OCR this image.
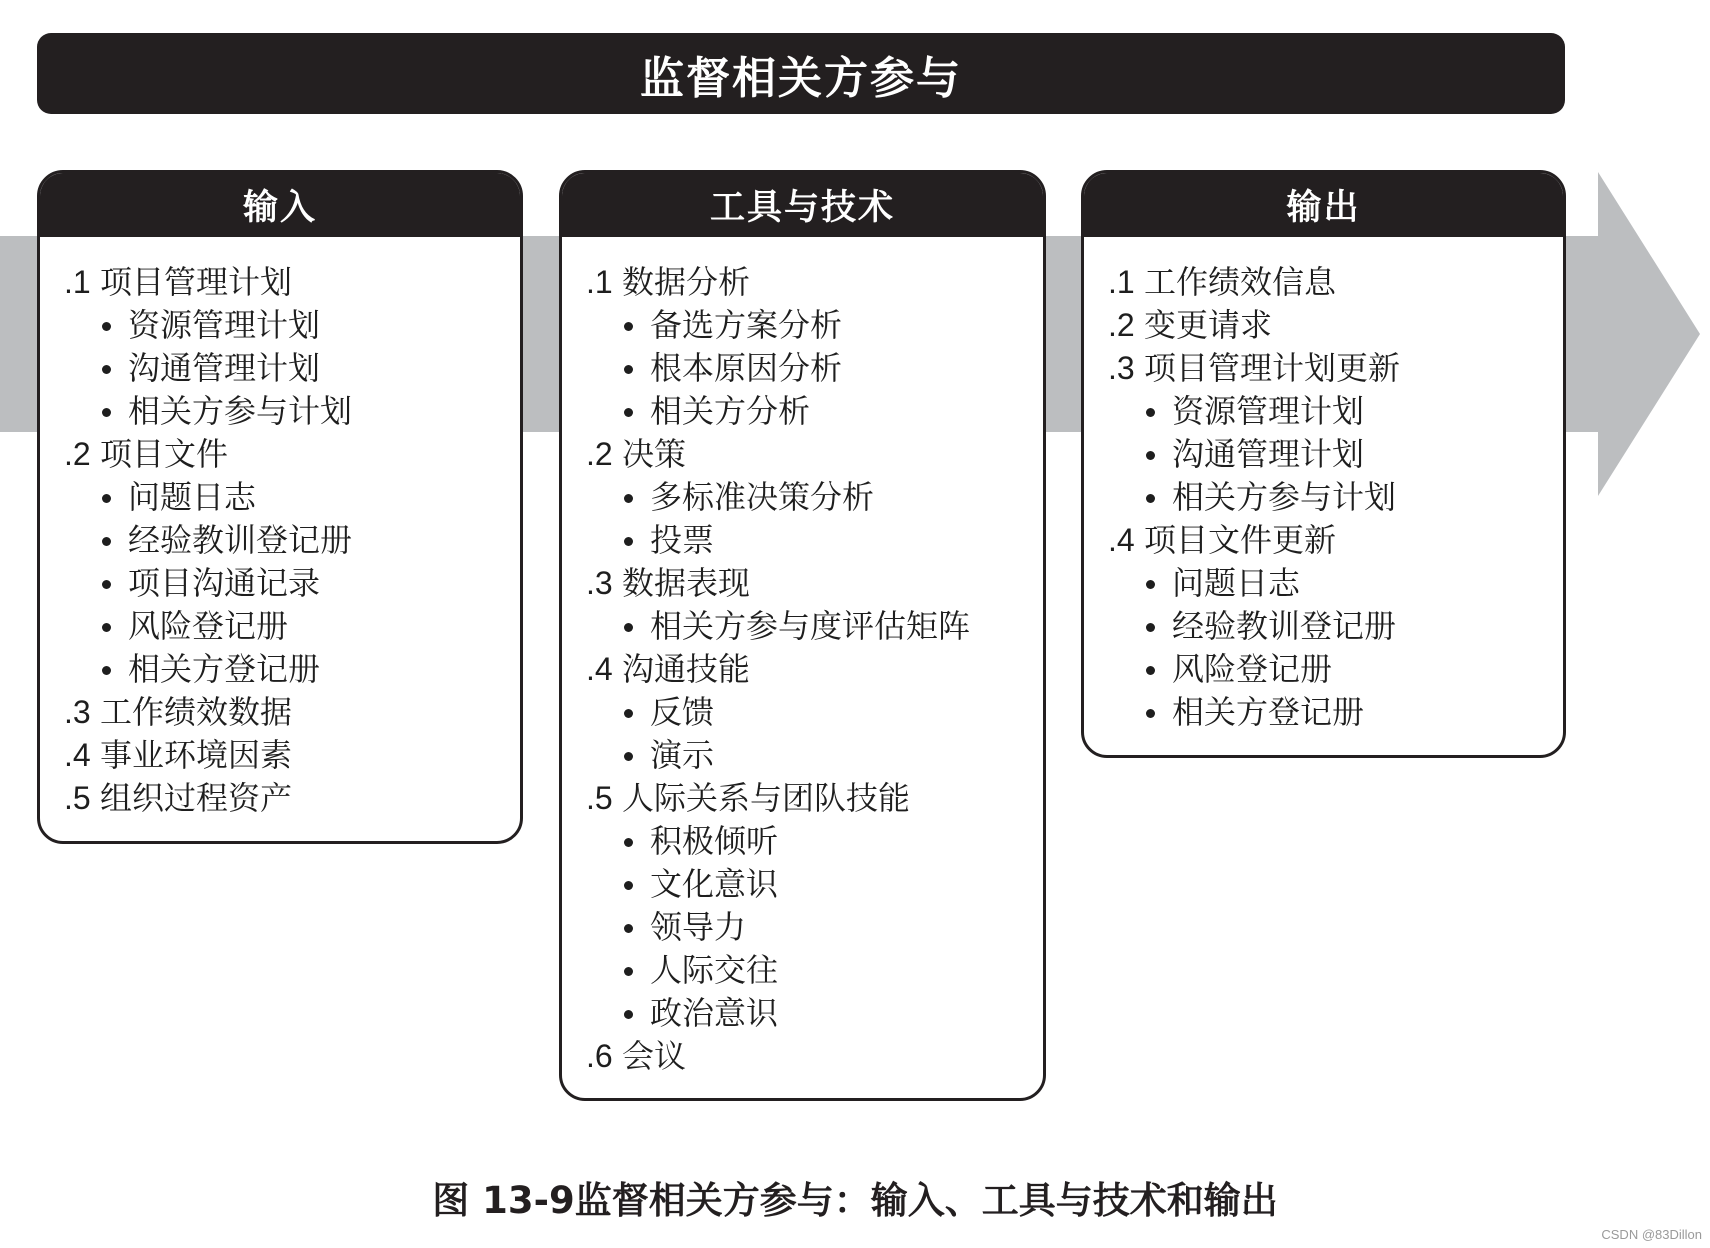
监督相关方参与
输入
.1 项目管理计划
资源管理计划
沟通管理计划
相关方参与计划
.2 项目文件
问题日志
经验教训登记册
项目沟通记录
风险登记册
相关方登记册
.3 工作绩效数据
.4 事业环境因素
.5 组织过程资产
工具与技术
.1 数据分析
备选方案分析
根本原因分析
相关方分析
.2 决策
多标准决策分析
投票
.3 数据表现
相关方参与度评估矩阵
.4 沟通技能
反馈
演示
.5 人际关系与团队技能
积极倾听
文化意识
领导力
人际交往
政治意识
.6 会议
输出
.1 工作绩效信息
.2 变更请求
.3 项目管理计划更新
资源管理计划
沟通管理计划
相关方参与计划
.4 项目文件更新
问题日志
经验教训登记册
风险登记册
相关方登记册
图 13-9监督相关方参与：输入、工具与技术和输出
CSDN @83Dillon
